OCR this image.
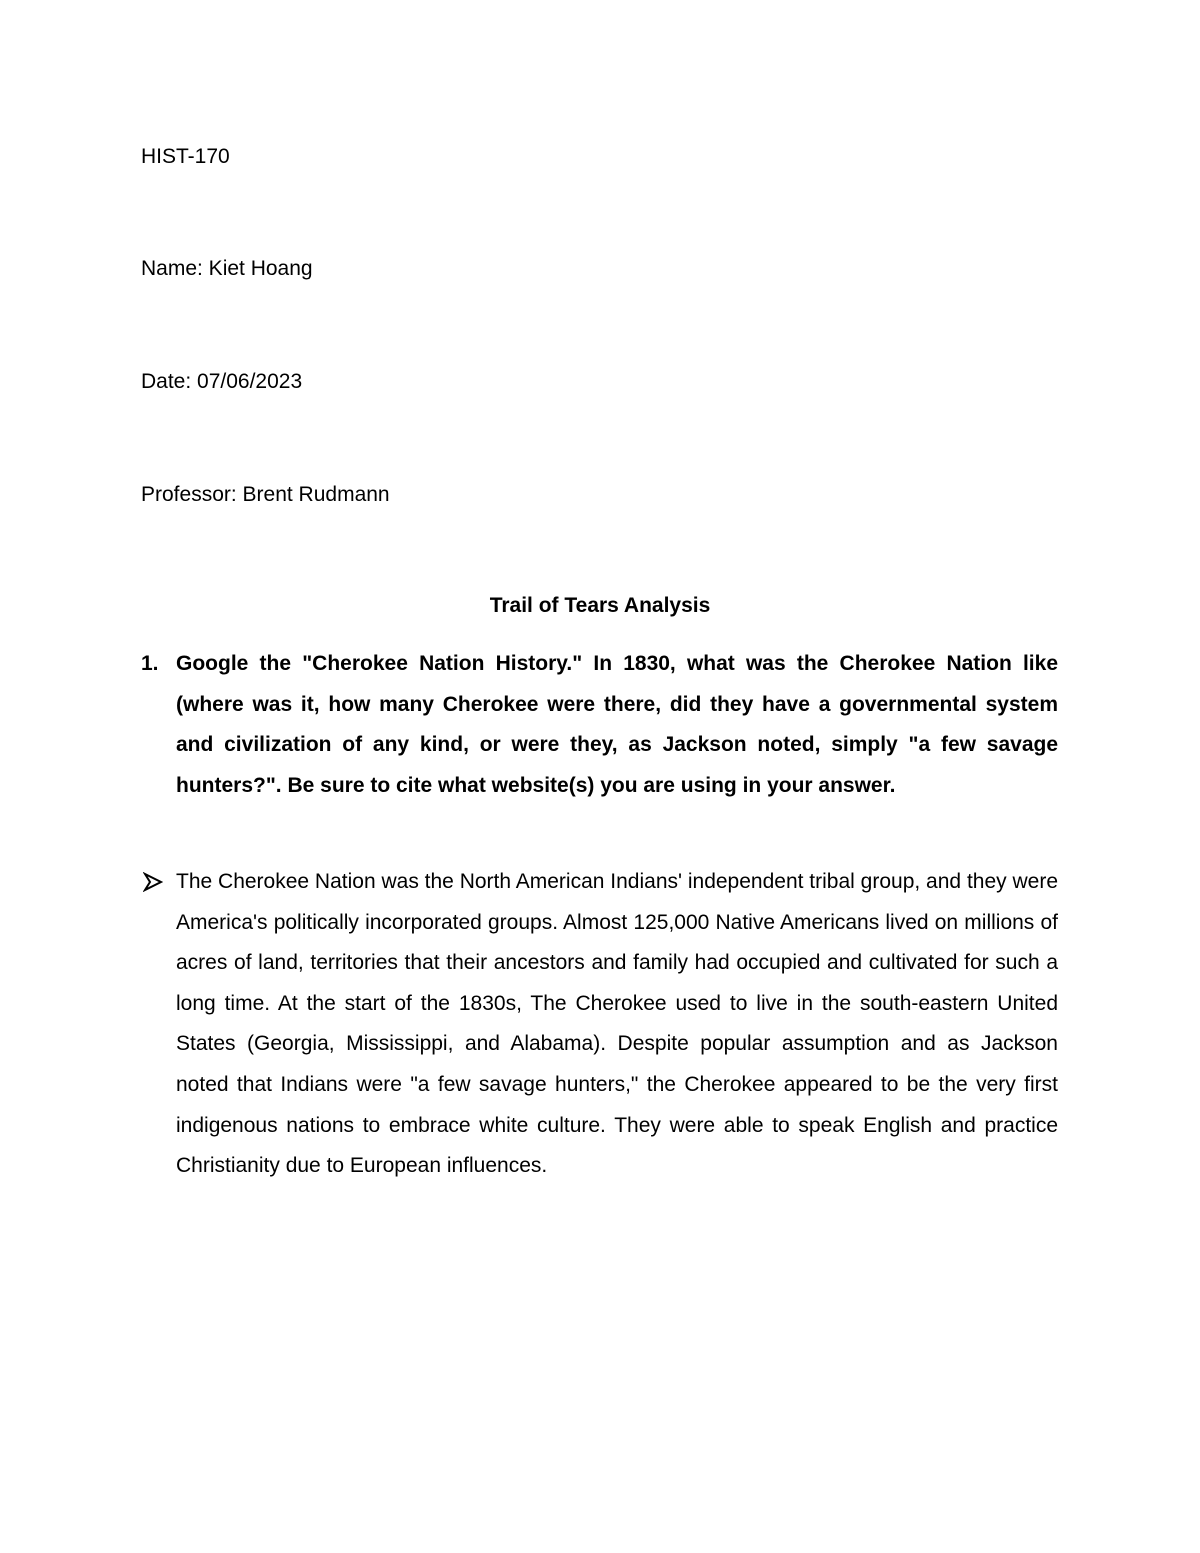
HIST-170
Name: Kiet Hoang
Date: 07/06/2023
Professor: Brent Rudmann
Trail of Tears Analysis
1. Google the "Cherokee Nation History." In 1830, what was the Cherokee Nation like (where was it, how many Cherokee were there, did they have a governmental system and civilization of any kind, or were they, as Jackson noted, simply "a few savage hunters?". Be sure to cite what website(s) you are using in your answer.
The Cherokee Nation was the North American Indians' independent tribal group, and they were America's politically incorporated groups. Almost 125,000 Native Americans lived on millions of acres of land, territories that their ancestors and family had occupied and cultivated for such a long time. At the start of the 1830s, The Cherokee used to live in the south-eastern United States (Georgia, Mississippi, and Alabama). Despite popular assumption and as Jackson noted that Indians were "a few savage hunters," the Cherokee appeared to be the very first indigenous nations to embrace white culture. They were able to speak English and practice Christianity due to European influences.
